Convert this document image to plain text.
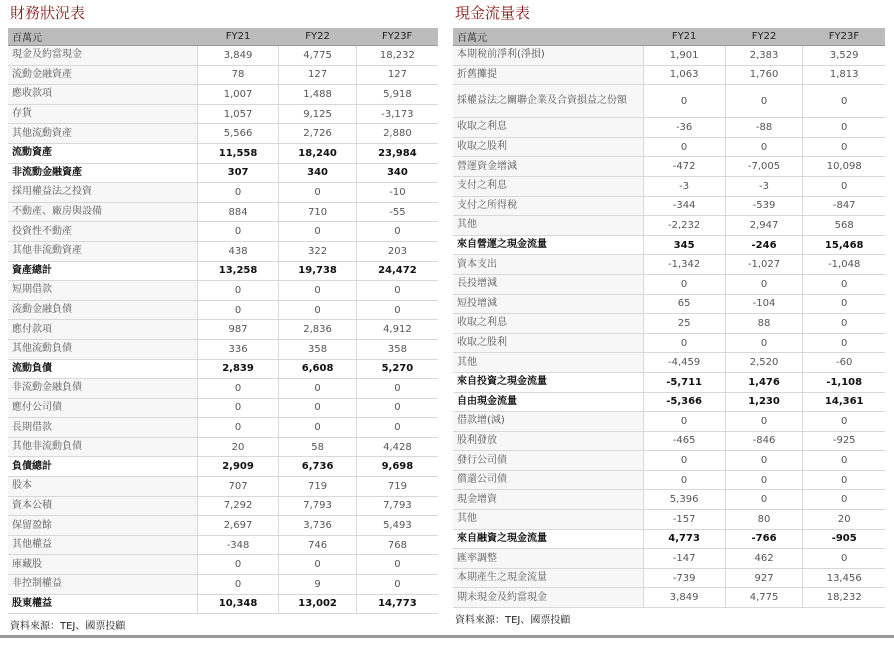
財務狀況表
百萬元	FY21	FY22	FY23F
現金及約當現金	3,849	4,775	18,232
流動金融資產	78	127	127
應收款項	1,007	1,488	5,918
存貨	1,057	9,125	-3,173
其他流動資產	5,566	2,726	2,880
流動資產	11,558	18,240	23,984
非流動金融資產	307	340	340
採用權益法之投資	0	0	-10
不動產、廠房與設備	884	710	-55
投資性不動產	0	0	0
其他非流動資產	438	322	203
資產總計	13,258	19,738	24,472
短期借款	0	0	0
流動金融負債	0	0	0
應付款項	987	2,836	4,912
其他流動負債	336	358	358
流動負債	2,839	6,608	5,270
非流動金融負債	0	0	0
應付公司債	0	0	0
長期借款	0	0	0
其他非流動負債	20	58	4,428
負債總計	2,909	6,736	9,698
股本	707	719	719
資本公積	7,292	7,793	7,793
保留盈餘	2,697	3,736	5,493
其他權益	-348	746	768
庫藏股	0	0	0
非控制權益	0	9	0
股東權益	10,348	13,002	14,773
資料來源：TEJ、國票投顧
現金流量表
百萬元	FY21	FY22	FY23F
本期稅前淨利(淨損)	1,901	2,383	3,529
折舊攤提	1,063	1,760	1,813
採權益法之關聯企業及合資損益之份額	0	0	0
收取之利息	-36	-88	0
收取之股利	0	0	0
營運資金增減	-472	-7,005	10,098
支付之利息	-3	-3	0
支付之所得稅	-344	-539	-847
其他	-2,232	2,947	568
來自營運之現金流量	345	-246	15,468
資本支出	-1,342	-1,027	-1,048
長投增減	0	0	0
短投增減	65	-104	0
收取之利息	25	88	0
收取之股利	0	0	0
其他	-4,459	2,520	-60
來自投資之現金流量	-5,711	1,476	-1,108
自由現金流量	-5,366	1,230	14,361
借款增(減)	0	0	0
股利發放	-465	-846	-925
發行公司債	0	0	0
償還公司債	0	0	0
現金增資	5,396	0	0
其他	-157	80	20
來自融資之現金流量	4,773	-766	-905
匯率調整	-147	462	0
本期產生之現金流量	-739	927	13,456
期末現金及約當現金	3,849	4,775	18,232
資料來源：TEJ、國票投顧
